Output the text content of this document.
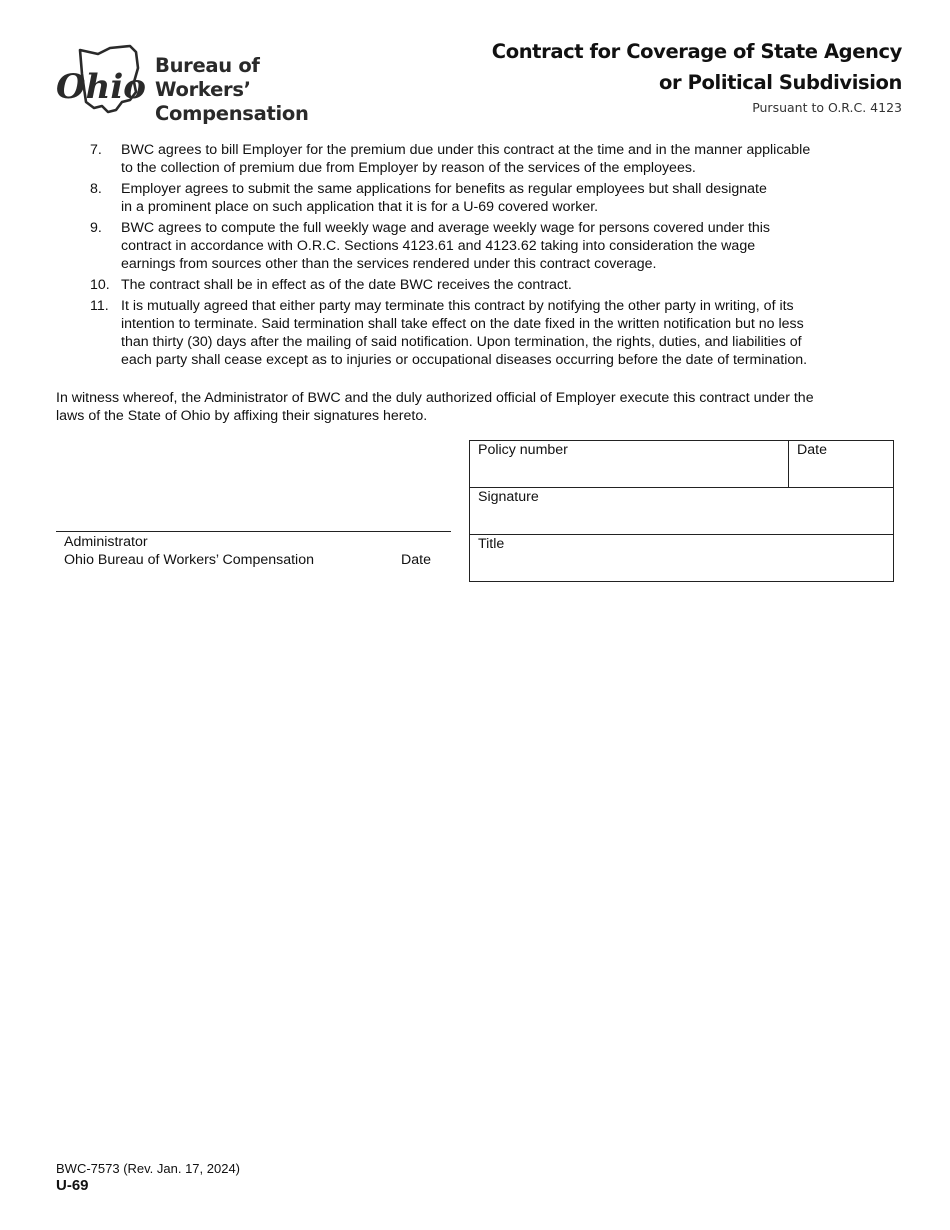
Ohio
Bureau of Workers’
Compensation
Contract for Coverage of State Agency
or Political Subdivision
Pursuant to O.R.C. 4123
7. BWC agrees to bill Employer for the premium due under this contract at the time and in the manner applicable
to the collection of premium due from Employer by reason of the services of the employees.
8. Employer agrees to submit the same applications for benefits as regular employees but shall designate
in a prominent place on such application that it is for a U-69 covered worker.
9. BWC agrees to compute the full weekly wage and average weekly wage for persons covered under this
contract in accordance with O.R.C. Sections 4123.61 and 4123.62 taking into consideration the wage
earnings from sources other than the services rendered under this contract coverage.
10. The contract shall be in effect as of the date BWC receives the contract.
11. It is mutually agreed that either party may terminate this contract by notifying the other party in writing, of its
intention to terminate. Said termination shall take effect on the date fixed in the written notification but no less
than thirty (30) days after the mailing of said notification. Upon termination, the rights, duties, and liabilities of
each party shall cease except as to injuries or occupational diseases occurring before the date of termination.
In witness whereof, the Administrator of BWC and the duly authorized official of Employer execute this contract under the
laws of the State of Ohio by affixing their signatures hereto.
Administrator
Ohio Bureau of Workers’ Compensation	Date
Policy number	Date
Signature
Title
BWC-7573 (Rev. Jan. 17, 2024)
U-69
